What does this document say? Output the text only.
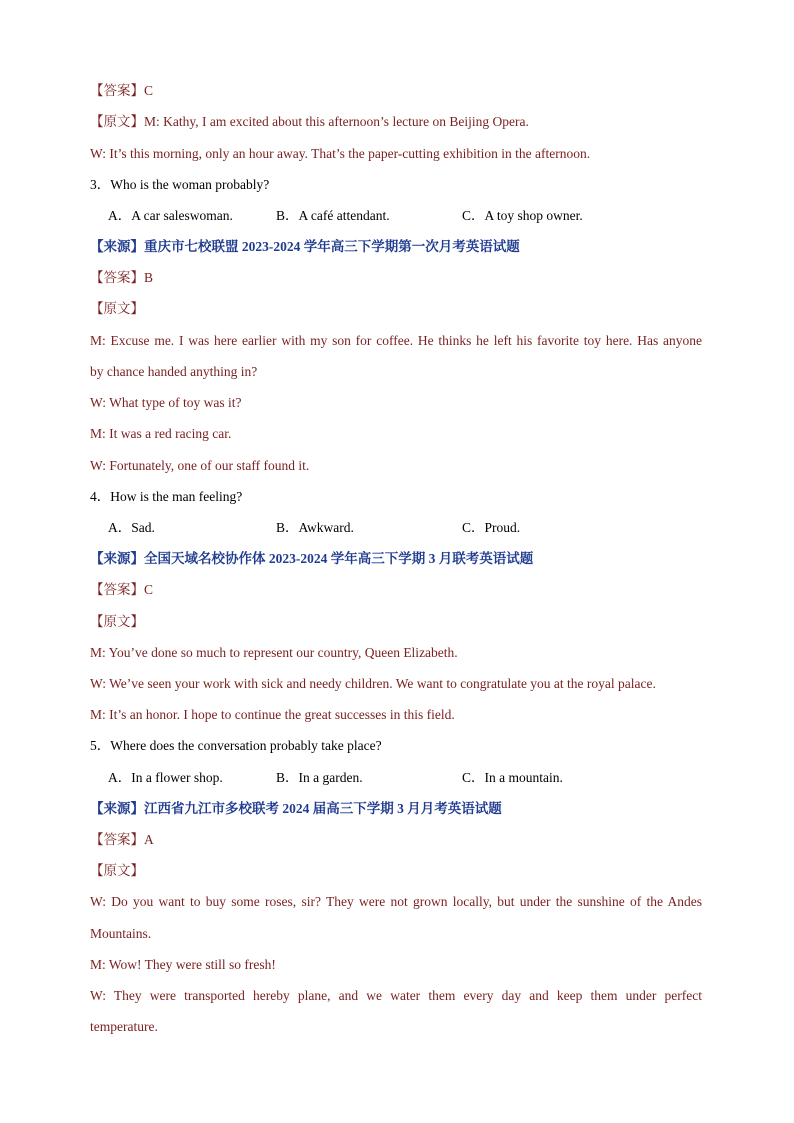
【答案】C
【原文】M: Kathy, I am excited about this afternoon’s lecture on Beijing Opera.
W: It’s this morning, only an hour away. That’s the paper-cutting exhibition in the afternoon.
3．Who is the woman probably?
A．A car saleswoman.	B．A café attendant.	C．A toy shop owner.
【来源】重庆市七校联盟 2023-2024 学年高三下学期第一次月考英语试题
【答案】B
【原文】
M: Excuse me. I was here earlier with my son for coffee. He thinks he left his favorite toy here. Has anyone
by chance handed anything in?
W: What type of toy was it?
M: It was a red racing car.
W: Fortunately, one of our staff found it.
4．How is the man feeling?
A．Sad.	B．Awkward.	C．Proud.
【来源】全国天域名校协作体 2023-2024 学年高三下学期 3 月联考英语试题
【答案】C
【原文】
M: You’ve done so much to represent our country, Queen Elizabeth.
W: We’ve seen your work with sick and needy children. We want to congratulate you at the royal palace.
M: It’s an honor. I hope to continue the great successes in this field.
5．Where does the conversation probably take place?
A．In a flower shop.	B．In a garden.	C．In a mountain.
【来源】江西省九江市多校联考 2024 届高三下学期 3 月月考英语试题
【答案】A
【原文】
W: Do you want to buy some roses, sir? They were not grown locally, but under the sunshine of the Andes
Mountains.
M: Wow! They were still so fresh!
W: They were transported hereby plane, and we water them every day and keep them under perfect
temperature.
